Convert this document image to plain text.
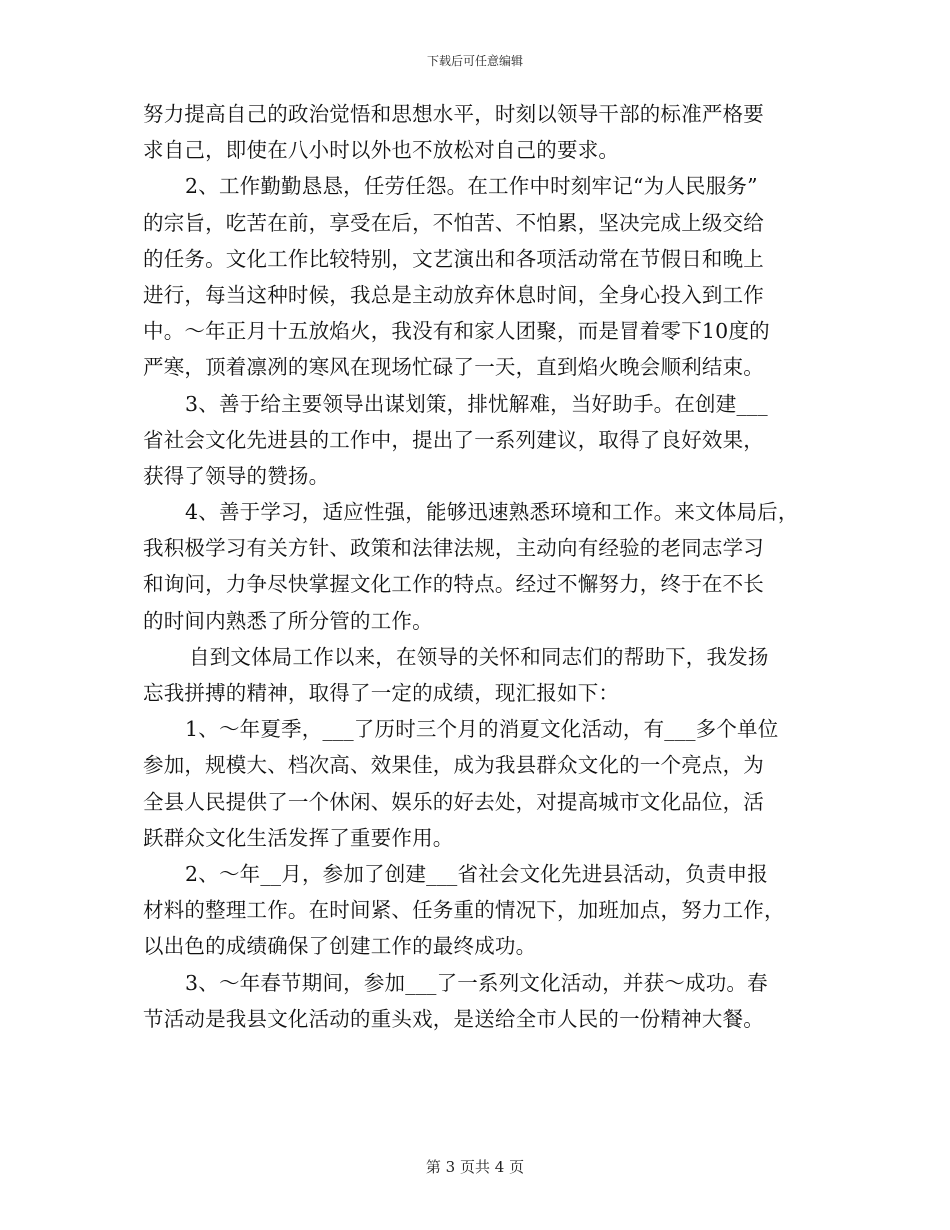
下载后可任意编辑
努力提高自己的政治觉悟和思想水平，时刻以领导干部的标准严格要
求自己，即使在八小时以外也不放松对自己的要求。
2、工作勤勤恳恳，任劳任怨。在工作中时刻牢记“为人民服务”
的宗旨，吃苦在前，享受在后，不怕苦、不怕累，坚决完成上级交给
的任务。文化工作比较特别，文艺演出和各项活动常在节假日和晚上
进行，每当这种时候，我总是主动放弃休息时间，全身心投入到工作
中。～年正月十五放焰火，我没有和家人团聚，而是冒着零下10度的
严寒，顶着凛冽的寒风在现场忙碌了一天，直到焰火晚会顺利结束。
3、善于给主要领导出谋划策，排忧解难，当好助手。在创建___
省社会文化先进县的工作中，提出了一系列建议，取得了良好效果，
获得了领导的赞扬。
4、善于学习，适应性强，能够迅速熟悉环境和工作。来文体局后，
我积极学习有关方针、政策和法律法规，主动向有经验的老同志学习
和询问，力争尽快掌握文化工作的特点。经过不懈努力，终于在不长
的时间内熟悉了所分管的工作。
自到文体局工作以来，在领导的关怀和同志们的帮助下，我发扬
忘我拼搏的精神，取得了一定的成绩，现汇报如下：
1、～年夏季，___了历时三个月的消夏文化活动，有___多个单位
参加，规模大、档次高、效果佳，成为我县群众文化的一个亮点，为
全县人民提供了一个休闲、娱乐的好去处，对提高城市文化品位，活
跃群众文化生活发挥了重要作用。
2、～年__月，参加了创建___省社会文化先进县活动，负责申报
材料的整理工作。在时间紧、任务重的情况下，加班加点，努力工作，
以出色的成绩确保了创建工作的最终成功。
3、～年春节期间，参加___了一系列文化活动，并获～成功。春
节活动是我县文化活动的重头戏，是送给全市人民的一份精神大餐。
第 3 页共 4 页
